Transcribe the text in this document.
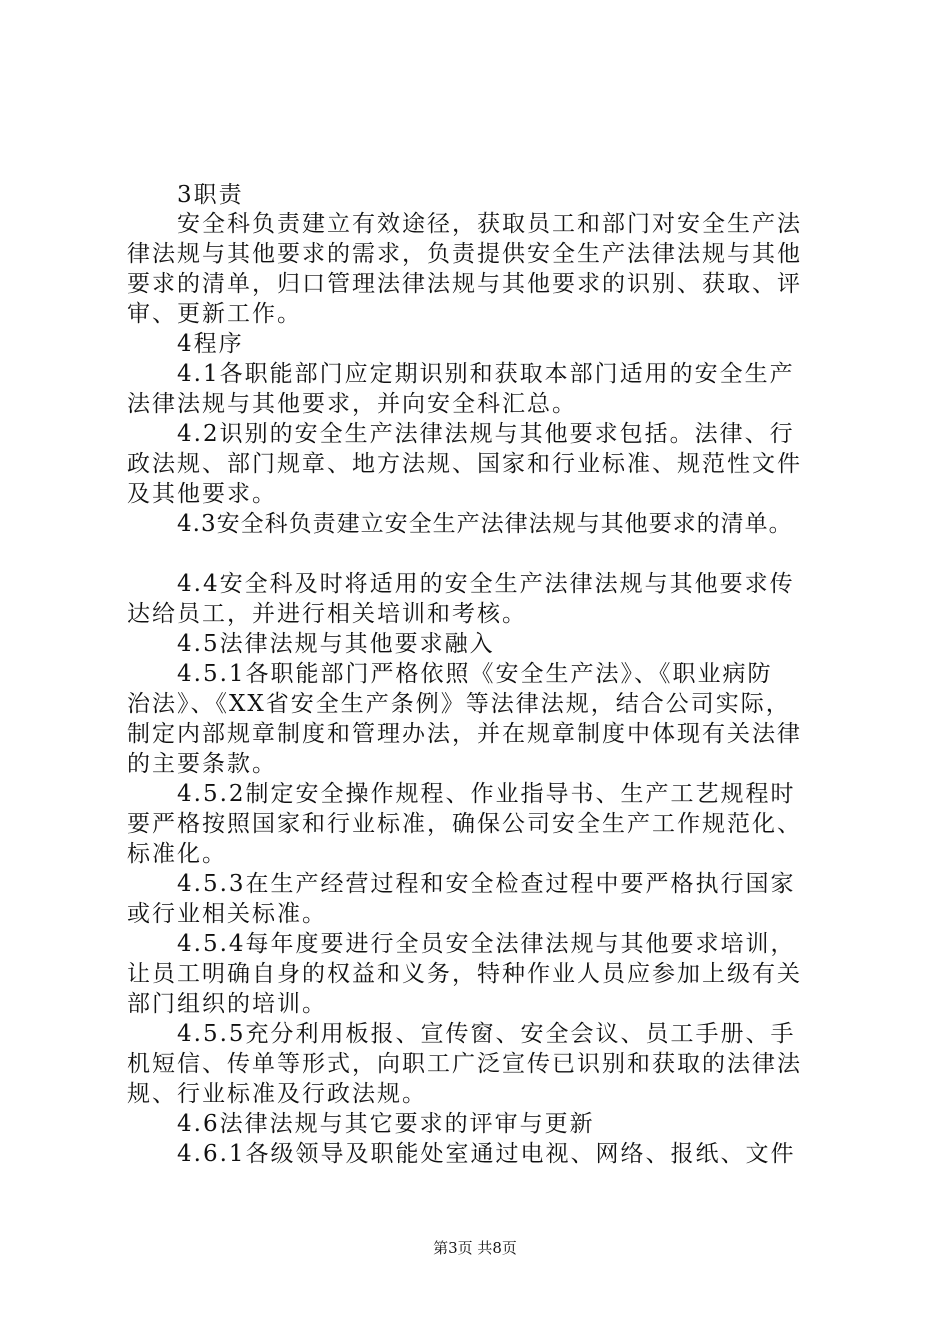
3职责
安全科负责建立有效途径，获取员工和部门对安全生产法
律法规与其他要求的需求，负责提供安全生产法律法规与其他
要求的清单，归口管理法律法规与其他要求的识别、获取、评
审、更新工作。
4程序
4.1各职能部门应定期识别和获取本部门适用的安全生产
法律法规与其他要求，并向安全科汇总。
4.2识别的安全生产法律法规与其他要求包括。法律、行
政法规、部门规章、地方法规、国家和行业标准、规范性文件
及其他要求。
4.3安全科负责建立安全生产法律法规与其他要求的清单。
4.4安全科及时将适用的安全生产法律法规与其他要求传
达给员工，并进行相关培训和考核。
4.5法律法规与其他要求融入
4.5.1各职能部门严格依照《安全生产法》、《职业病防
治法》、《XX省安全生产条例》等法律法规，结合公司实际，
制定内部规章制度和管理办法，并在规章制度中体现有关法律
的主要条款。
4.5.2制定安全操作规程、作业指导书、生产工艺规程时
要严格按照国家和行业标准，确保公司安全生产工作规范化、
标准化。
4.5.3在生产经营过程和安全检查过程中要严格执行国家
或行业相关标准。
4.5.4每年度要进行全员安全法律法规与其他要求培训，
让员工明确自身的权益和义务，特种作业人员应参加上级有关
部门组织的培训。
4.5.5充分利用板报、宣传窗、安全会议、员工手册、手
机短信、传单等形式，向职工广泛宣传已识别和获取的法律法
规、行业标准及行政法规。
4.6法律法规与其它要求的评审与更新
4.6.1各级领导及职能处室通过电视、网络、报纸、文件
第3页 共8页
